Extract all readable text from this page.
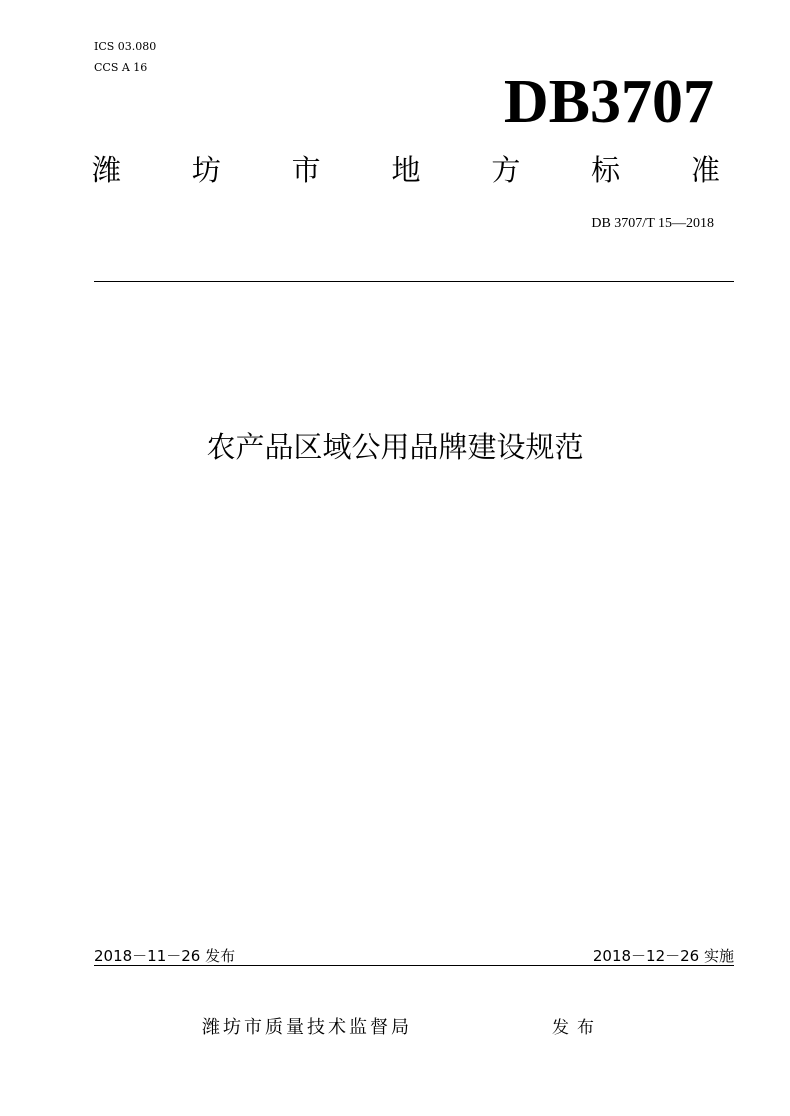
ICS 03.080
CCS A 16
DB3707
潍 坊 市 地 方 标 准
DB 3707/T 15—2018
农产品区域公用品牌建设规范
2018－11－26 发布	2018－12－26 实施
潍坊市质量技术监督局	发布
